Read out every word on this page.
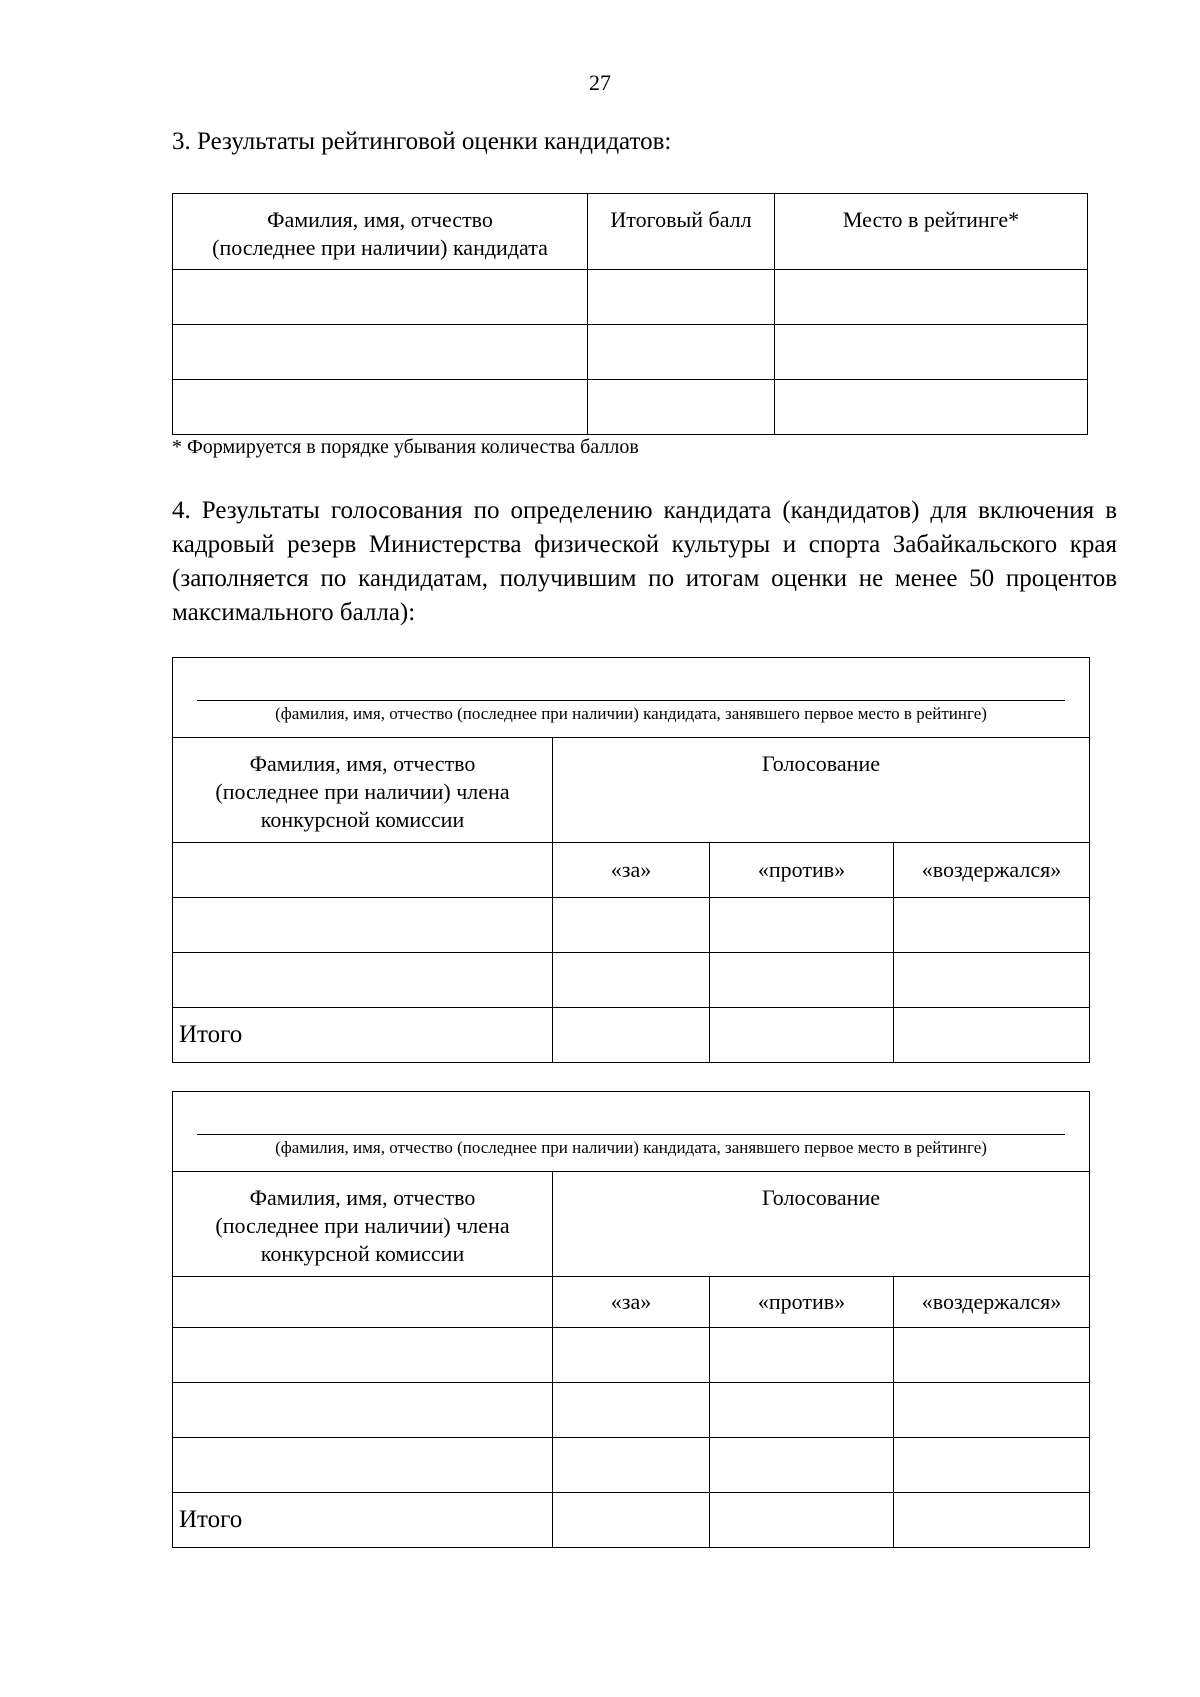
27
3. Результаты рейтинговой оценки кандидатов:
Фамилия, имя, отчество
(последнее при наличии) кандидата	Итоговый балл	Место в рейтинге*

* Формируется в порядке убывания количества баллов
4. Результаты голосования по определению кандидата (кандидатов) для включения в кадровый резерв Министерства физической культуры и спорта Забайкальского края (заполняется по кандидатам, получившим по итогам оценки не менее 50 процентов максимального балла):
(фамилия, имя, отчество (последнее при наличии) кандидата, занявшего первое место в рейтинге)			

Фамилия, имя, отчество
(последнее при наличии) члена
конкурсной комиссии	Голосование		
	«за»	«против»	«воздержался»

Итого			
(фамилия, имя, отчество (последнее при наличии) кандидата, занявшего первое место в рейтинге)			

Фамилия, имя, отчество
(последнее при наличии) члена
конкурсной комиссии	Голосование		
	«за»	«против»	«воздержался»

Итого			
